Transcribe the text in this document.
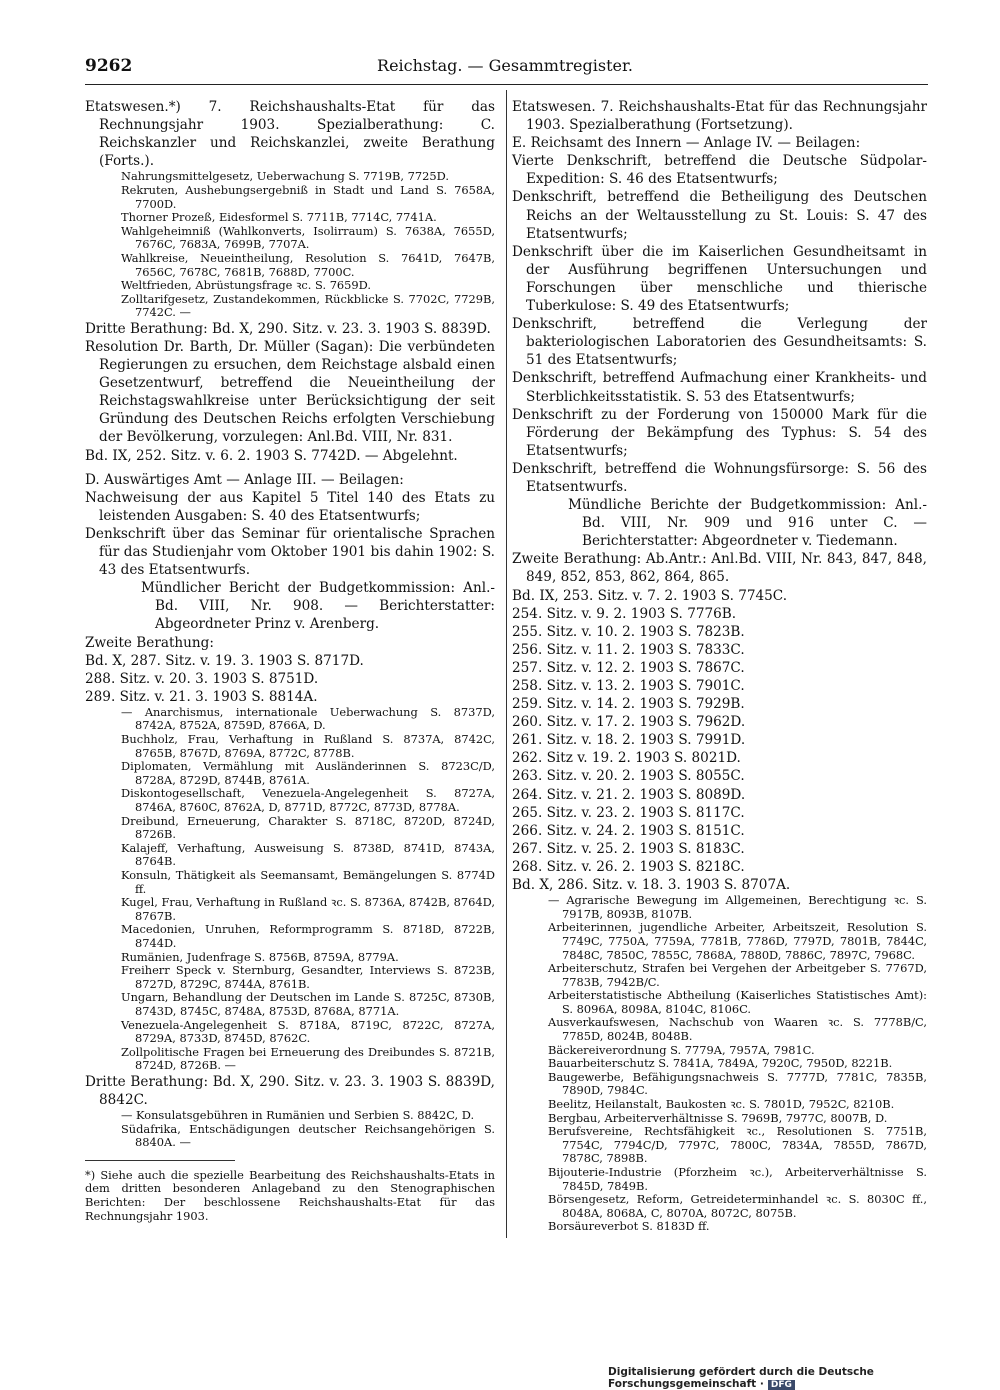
9262	Reichstag. — Gesammtregister.

Etatswesen.*) 7. Reichshaushalts-Etat für das Rechnungsjahr 1903. Spezialberathung: C. Reichskanzler und Reichskanzlei, zweite Berathung (Forts.).

Nahrungsmittelgesetz, Ueberwachung S. 7719B, 7725D.

Rekruten, Aushebungsergebniß in Stadt und Land S. 7658A, 7700D.

Thorner Prozeß, Eidesformel S. 7711B, 7714C, 7741A.

Wahlgeheimniß (Wahlkonverts, Isolirraum) S. 7638A, 7655D, 7676C, 7683A, 7699B, 7707A.

Wahlkreise, Neueintheilung, Resolution S. 7641D, 7647B, 7656C, 7678C, 7681B, 7688D, 7700C.

Weltfrieden, Abrüstungsfrage ꝛc. S. 7659D.

Zolltarifgesetz, Zustandekommen, Rückblicke S. 7702C, 7729B, 7742C. —

Dritte Berathung: Bd. X, 290. Sitz. v. 23. 3. 1903 S. 8839D.

Resolution Dr. Barth, Dr. Müller (Sagan): Die verbündeten Regierungen zu ersuchen, dem Reichstage alsbald einen Gesetzentwurf, betreffend die Neueintheilung der Reichstagswahlkreise unter Berücksichtigung der seit Gründung des Deutschen Reichs erfolgten Verschiebung der Bevölkerung, vorzulegen: Anl.Bd. VIII, Nr. 831.

Bd. IX, 252. Sitz. v. 6. 2. 1903 S. 7742D. — Abgelehnt.

D. Auswärtiges Amt — Anlage III. — Beilagen:

Nachweisung der aus Kapitel 5 Titel 140 des Etats zu leistenden Ausgaben: S. 40 des Etatsentwurfs;

Denkschrift über das Seminar für orientalische Sprachen für das Studienjahr vom Oktober 1901 bis dahin 1902: S. 43 des Etatsentwurfs.

Mündlicher Bericht der Budgetkommission: Anl.-Bd. VIII, Nr. 908. — Berichterstatter: Abgeordneter Prinz v. Arenberg.

Zweite Berathung:

Bd. X, 287. Sitz. v. 19. 3. 1903 S. 8717D.

288. Sitz. v. 20. 3. 1903 S. 8751D.

289. Sitz. v. 21. 3. 1903 S. 8814A.

— Anarchismus, internationale Ueberwachung S. 8737D, 8742A, 8752A, 8759D, 8766A, D.

Buchholz, Frau, Verhaftung in Rußland S. 8737A, 8742C, 8765B, 8767D, 8769A, 8772C, 8778B.

Diplomaten, Vermählung mit Ausländerinnen S. 8723C/D, 8728A, 8729D, 8744B, 8761A.

Diskontogesellschaft, Venezuela-Angelegenheit S. 8727A, 8746A, 8760C, 8762A, D, 8771D, 8772C, 8773D, 8778A.

Dreibund, Erneuerung, Charakter S. 8718C, 8720D, 8724D, 8726B.

Kalajeff, Verhaftung, Ausweisung S. 8738D, 8741D, 8743A, 8764B.

Konsuln, Thätigkeit als Seemansamt, Bemängelungen S. 8774D ff.

Kugel, Frau, Verhaftung in Rußland ꝛc. S. 8736A, 8742B, 8764D, 8767B.

Macedonien, Unruhen, Reformprogramm S. 8718D, 8722B, 8744D.

Rumänien, Judenfrage S. 8756B, 8759A, 8779A.

Freiherr Speck v. Sternburg, Gesandter, Interviews S. 8723B, 8727D, 8729C, 8744A, 8761B.

Ungarn, Behandlung der Deutschen im Lande S. 8725C, 8730B, 8743D, 8745C, 8748A, 8753D, 8768A, 8771A.

Venezuela-Angelegenheit S. 8718A, 8719C, 8722C, 8727A, 8729A, 8733D, 8745D, 8762C.

Zollpolitische Fragen bei Erneuerung des Dreibundes S. 8721B, 8724D, 8726B. —

Dritte Berathung: Bd. X, 290. Sitz. v. 23. 3. 1903 S. 8839D, 8842C.

— Konsulatsgebühren in Rumänien und Serbien S. 8842C, D.

Südafrika, Entschädigungen deutscher Reichsangehörigen S. 8840A. —

*) Siehe auch die spezielle Bearbeitung des Reichshaushalts-Etats in dem dritten besonderen Anlageband zu den Stenographischen Berichten: Der beschlossene Reichshaushalts-Etat für das Rechnungsjahr 1903.

Etatswesen. 7. Reichshaushalts-Etat für das Rechnungsjahr 1903. Spezialberathung (Fortsetzung).

E. Reichsamt des Innern — Anlage IV. — Beilagen:

Vierte Denkschrift, betreffend die Deutsche Südpolar-Expedition: S. 46 des Etatsentwurfs;

Denkschrift, betreffend die Betheiligung des Deutschen Reichs an der Weltausstellung zu St. Louis: S. 47 des Etatsentwurfs;

Denkschrift über die im Kaiserlichen Gesundheitsamt in der Ausführung begriffenen Untersuchungen und Forschungen über menschliche und thierische Tuberkulose: S. 49 des Etatsentwurfs;

Denkschrift, betreffend die Verlegung der bakteriologischen Laboratorien des Gesundheitsamts: S. 51 des Etatsentwurfs;

Denkschrift, betreffend Aufmachung einer Krankheits- und Sterblichkeitsstatistik. S. 53 des Etatsentwurfs;

Denkschrift zu der Forderung von 150000 Mark für die Förderung der Bekämpfung des Typhus: S. 54 des Etatsentwurfs;

Denkschrift, betreffend die Wohnungsfürsorge: S. 56 des Etatsentwurfs.

Mündliche Berichte der Budgetkommission: Anl.-Bd. VIII, Nr. 909 und 916 unter C. — Berichterstatter: Abgeordneter v. Tiedemann.

Zweite Berathung: Ab.Antr.: Anl.Bd. VIII, Nr. 843, 847, 848, 849, 852, 853, 862, 864, 865.

Bd. IX, 253. Sitz. v. 7. 2. 1903 S. 7745C.

254. Sitz. v. 9. 2. 1903 S. 7776B.

255. Sitz. v. 10. 2. 1903 S. 7823B.

256. Sitz. v. 11. 2. 1903 S. 7833C.

257. Sitz. v. 12. 2. 1903 S. 7867C.

258. Sitz. v. 13. 2. 1903 S. 7901C.

259. Sitz. v. 14. 2. 1903 S. 7929B.

260. Sitz. v. 17. 2. 1903 S. 7962D.

261. Sitz. v. 18. 2. 1903 S. 7991D.

262. Sitz v. 19. 2. 1903 S. 8021D.

263. Sitz. v. 20. 2. 1903 S. 8055C.

264. Sitz. v. 21. 2. 1903 S. 8089D.

265. Sitz. v. 23. 2. 1903 S. 8117C.

266. Sitz. v. 24. 2. 1903 S. 8151C.

267. Sitz. v. 25. 2. 1903 S. 8183C.

268. Sitz. v. 26. 2. 1903 S. 8218C.

Bd. X, 286. Sitz. v. 18. 3. 1903 S. 8707A.

— Agrarische Bewegung im Allgemeinen, Berechtigung ꝛc. S. 7917B, 8093B, 8107B.

Arbeiterinnen, jugendliche Arbeiter, Arbeitszeit, Resolution S. 7749C, 7750A, 7759A, 7781B, 7786D, 7797D, 7801B, 7844C, 7848C, 7850C, 7855C, 7868A, 7880D, 7886C, 7897C, 7968C.

Arbeiterschutz, Strafen bei Vergehen der Arbeitgeber S. 7767D, 7783B, 7942B/C.

Arbeiterstatistische Abtheilung (Kaiserliches Statistisches Amt): S. 8096A, 8098A, 8104C, 8106C.

Ausverkaufswesen, Nachschub von Waaren ꝛc. S. 7778B/C, 7785D, 8024B, 8048B.

Bäckereiverordnung S. 7779A, 7957A, 7981C.

Bauarbeiterschutz S. 7841A, 7849A, 7920C, 7950D, 8221B.

Baugewerbe, Befähigungsnachweis S. 7777D, 7781C, 7835B, 7890D, 7984C.

Beelitz, Heilanstalt, Baukosten ꝛc. S. 7801D, 7952C, 8210B.

Bergbau, Arbeiterverhältnisse S. 7969B, 7977C, 8007B, D.

Berufsvereine, Rechtsfähigkeit ꝛc., Resolutionen S. 7751B, 7754C, 7794C/D, 7797C, 7800C, 7834A, 7855D, 7867D, 7878C, 7898B.

Bijouterie-Industrie (Pforzheim ꝛc.), Arbeiterverhältnisse S. 7845D, 7849B.

Börsengesetz, Reform, Getreideterminhandel ꝛc. S. 8030C ff., 8048A, 8068A, C, 8070A, 8072C, 8075B.

Borsäureverbot S. 8183D ff.

Digitalisierung gefördert durch die Deutsche Forschungsgemeinschaft · DFG
